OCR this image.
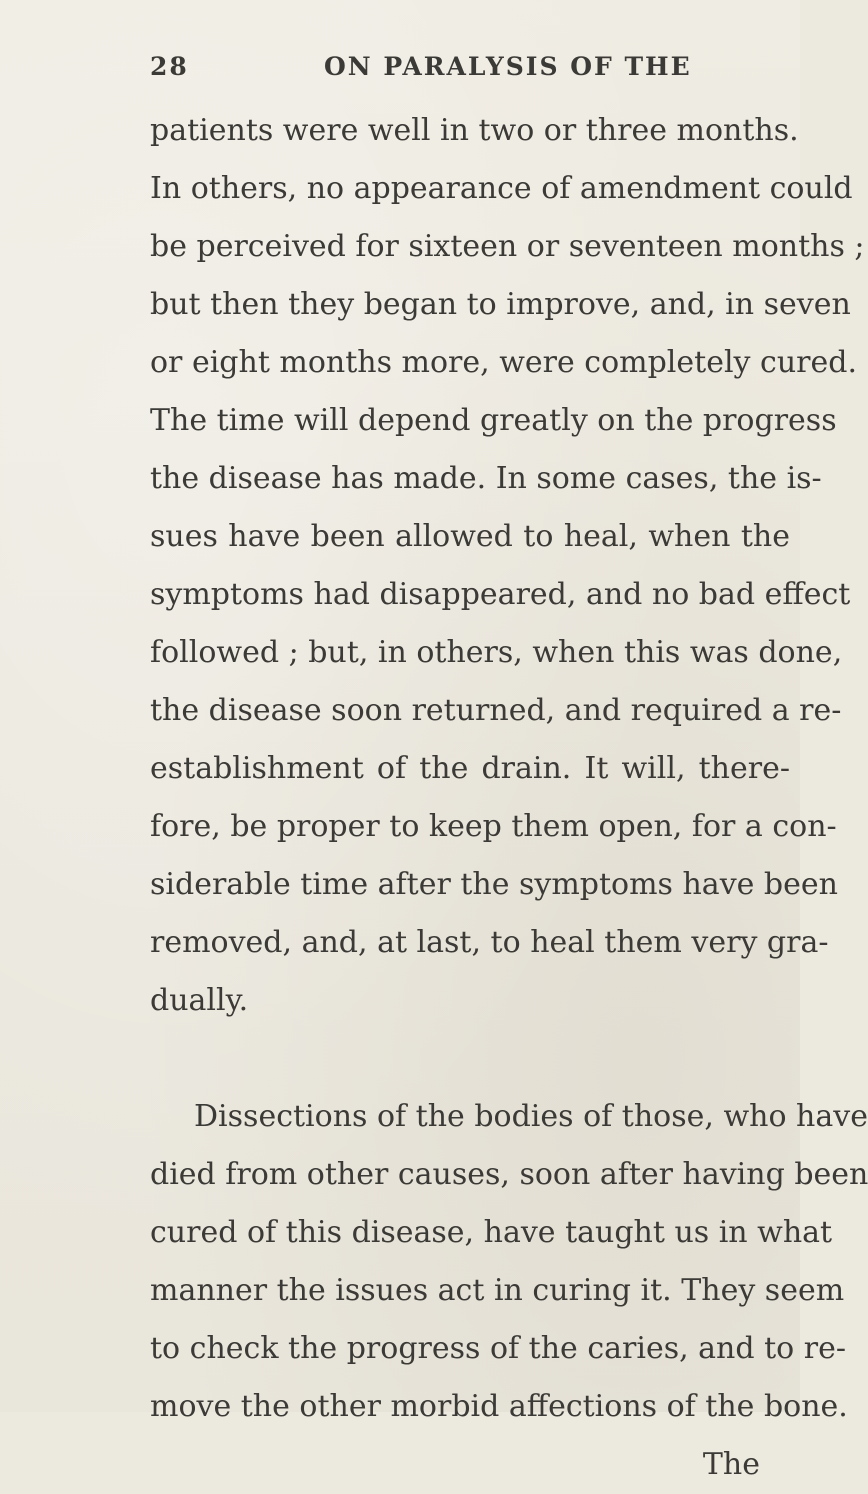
28	ON PARALYSIS OF THE
patients were well in two or three months.
In others, no appearance of amendment could
be perceived for sixteen or seventeen months ;
but then they began to improve, and, in seven
or eight months more, were completely cured.
The time will depend greatly on the progress
the disease has made. In some cases, the is-
sues have been allowed to heal, when the
symptoms had disappeared, and no bad effect
followed ; but, in others, when this was done,
the disease soon returned, and required a re-
establishment of the drain. It will, there-
fore, be proper to keep them open, for a con-
siderable time after the symptoms have been
removed, and, at last, to heal them very gra-
dually.
Dissections of the bodies of those, who have
died from other causes, soon after having been
cured of this disease, have taught us in what
manner the issues act in curing it. They seem
to check the progress of the caries, and to re-
move the other morbid affections of the bone.
The
